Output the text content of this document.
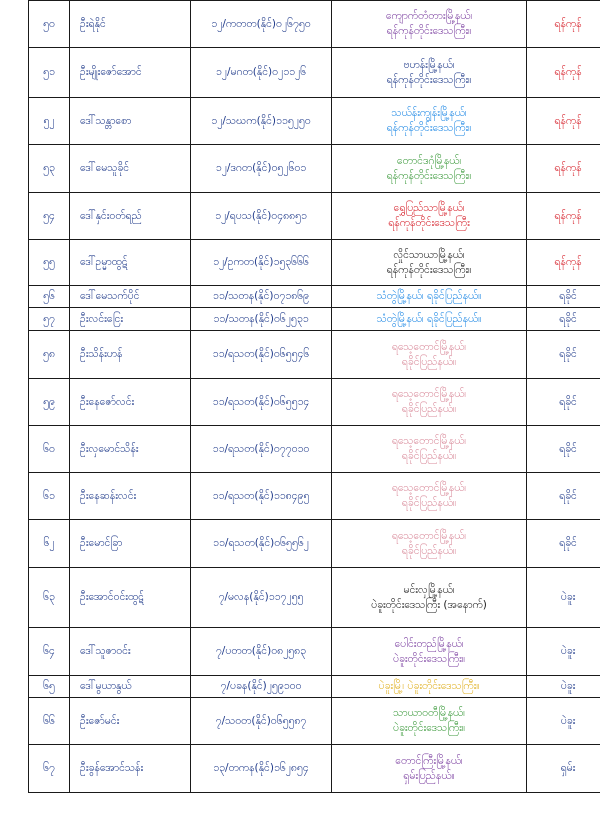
၅၀	ဦးရဲနိုင်	၁၂/ကတတ(နိုင်)၀၂၆၇၅၀	ကျောက်တံတားမြို့နယ်၊
ရန်ကုန်တိုင်းဒေသကြီး။	ရန်ကုန်
၅၁	ဦးမျိုးဇော်အောင်	၁၂/မဂတ(နိုင်)၀၂၁၁၂၆	ဗဟန်းမြို့နယ်၊
ရန်ကုန်တိုင်းဒေသကြီး။	ရန်ကုန်
၅၂	ဒေါ်သန္တာစော	၁၂/သဃက(နိုင်)၁၁၅၂၅၀	သယ်န်းကျွန်းမြို့နယ်၊
ရန်ကုန်တိုင်းဒေသကြီး။	ရန်ကုန်
၅၃	ဒေါ်မေသူခိုင်	၁၂/ဒဂတ(နိုင်)၀၅၂၆၀၁	တောင်ဒဂုံမြို့နယ်၊
ရန်ကုန်တိုင်းဒေသကြီး။	ရန်ကုန်
၅၄	ဒေါ်နှင်းဝတ်ရည်	၁၂/ရပသ(နိုင်)၀၄၈၈၅၁	ရွှေပြည်သာမြို့နယ်၊
ရန်ကုန်တိုင်းဒေသကြီး	ရန်ကုန်
၅၅	ဒေါ်ဥမ္မာထွဋ်	၁၂/ဥကတ(နိုင်)၁၅၃၆၆၆	လှိုင်သာယာမြို့နယ်၊
ရန်ကုန်တိုင်းဒေသကြီး။	ရန်ကုန်
၅၆	ဒေါ်မေသက်ပိုင်	၁၁/သတန(နိုင်)၀၇၁၈၆၉	သံတွဲမြို့နယ်၊ ရခိုင်ပြည်နယ်။	ရခိုင်
၅၇	ဦးလင်းငြေး	၁၁/သတန(နိုင်)၀၆၂၅၃၁	သံတွဲမြို့နယ်၊ ရခိုင်ပြည်နယ်။	ရခိုင်
၅၈	ဦးသိန်းဟန်	၁၁/ရသတ(နိုင်)၀၆၅၅၄၆	ရသေ့တောင်မြို့နယ်၊
ရခိုင်ပြည်နယ်။	ရခိုင်
၅၉	ဦးနေဇော်လင်း	၁၁/ရသတ(နိုင်)၀၆၅၅၁၄	ရသေ့တောင်မြို့နယ်၊
ရခိုင်ပြည်နယ်။	ရခိုင်
၆၀	ဦးလှမောင်သိန်း	၁၁/ရသတ(နိုင်)၀၇၇၀၁၀	ရသေ့တောင်မြို့နယ်၊
ရခိုင်ပြည်နယ်။	ရခိုင်
၆၁	ဦးနေဆန်းလင်း	၁၁/ရသတ(နိုင်)၁၁၈၄၉၅	ရသေ့တောင်မြို့နယ်၊
ရခိုင်ပြည်နယ်။	ရခိုင်
၆၂	ဦးမောင်ခြာ	၁၁/ရသတ(နိုင်)၀၆၅၅၆၂	ရသေ့တောင်မြို့နယ်၊
ရခိုင်ပြည်နယ်။	ရခိုင်
၆၃	ဦးအောင်ဝင်းထွဋ်	၇/မလန(နိုင်)၁၁၇၂၅၅	မင်းလှမြို့နယ်၊
ပဲခူးတိုင်းဒေသကြီး (အနောက်)	ပဲခူး
၆၄	ဒေါ်သူဇာဝင်း	၇/ပတတ(နိုင်)၀၈၂၅၈၃	ပေါင်းတည်မြို့နယ်၊
ပဲခူးတိုင်းဒေသကြီး။	ပဲခူး
၆၅	ဒေါ်မွယာနွယ်	၇/ပခန(နိုင်)၂၅၉၁၀၀	ပဲခူးမြို့၊ ပဲခူးတိုင်းဒေသကြီး။	ပဲခူး
၆၆	ဦးဇော်မင်း	၇/သဝတ(နိုင်)၀၆၅၅၈၇	သာယာဝတီမြို့နယ်၊
ပဲခူးတိုင်းဒေသကြီး။	ပဲခူး
၆၇	ဦးခွန်အောင်သန်း	၁၃/တကန(နိုင်)၁၆၂၈၅၄	တောင်ကြီးမြို့နယ်၊
ရှမ်းပြည်နယ်။	ရှမ်း
